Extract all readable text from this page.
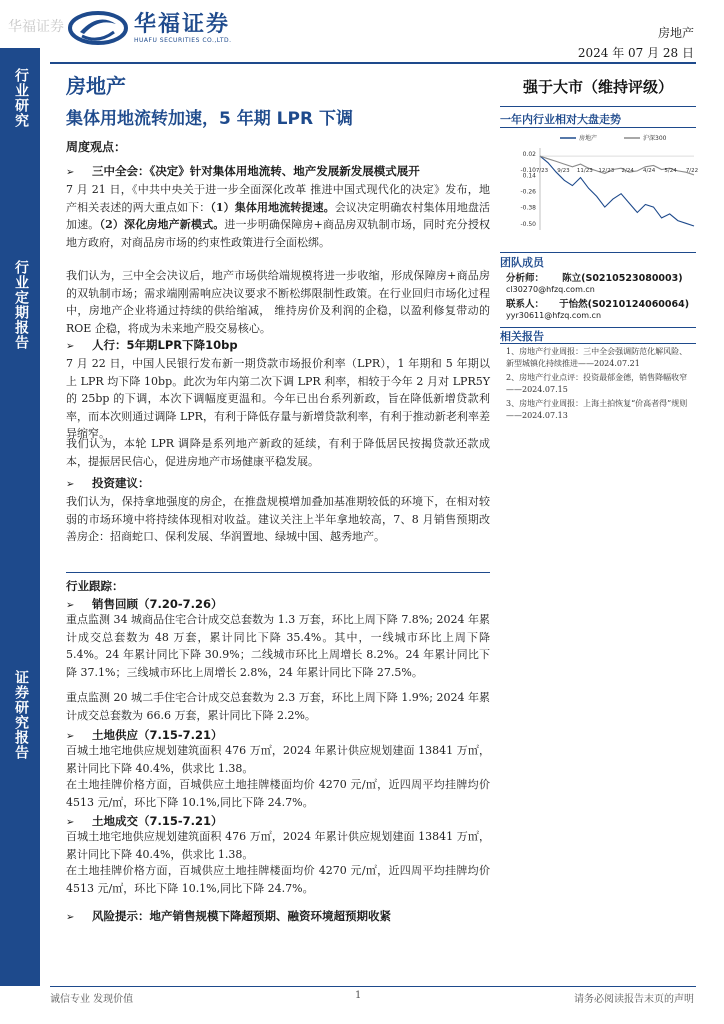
华福证券	华福证券
HUAFU SECURITIES CO.,LTD.	房地产
2024 年 07 月 28 日
行业研究
行业定期报告
证券研究报告
房地产
集体用地流转加速，5 年期 LPR 下调
周度观点：
➢ 三中全会：《决定》针对集体用地流转、地产发展新发展模式展开
7 月 21 日，《中共中央关于进一步全面深化改革 推进中国式现代化的决定》发布，地产相关表述的两大重点如下：（1）集体用地流转提速。会议决定明确农村集体用地盘活加速。（2）深化房地产新模式。进一步明确保障房+商品房双轨制市场，同时充分授权地方政府，对商品房市场的约束性政策进行全面松绑。
我们认为，三中全会决议后，地产市场供给端规模将进一步收缩，形成保障房+商品房的双轨制市场；需求端刚需响应决议要求不断松绑限制性政策。在行业回归市场化过程中，房地产企业将通过持续的供给缩减， 维持房价及利润的企稳，以盈利修复带动的 ROE 企稳，将成为未来地产股交易核心。
➢ 人行：5年期LPR下降10bp
7 月 22 日，中国人民银行发布新一期贷款市场报价利率（LPR），1 年期和 5 年期以上 LPR 均下降 10bp。此次为年内第二次下调 LPR 利率，相较于今年 2 月对 LPR5Y 的 25bp 的下调，本次下调幅度更温和。今年已出台系列新政，旨在降低新增贷款利率，而本次则通过调降 LPR，有利于降低存量与新增贷款利率，有利于推动新老利率差异缩窄。
我们认为，本轮 LPR 调降是系列地产新政的延续，有利于降低居民按揭贷款还款成本，提振居民信心，促进房地产市场健康平稳发展。
➢ 投资建议：
我们认为，保持拿地强度的房企，在推盘规模增加叠加基准期较低的环境下，在相对较弱的市场环境中将持续体现相对收益。建议关注上半年拿地较高，7、8 月销售预期改善房企：招商蛇口、保利发展、华润置地、绿城中国、越秀地产。
行业跟踪：
➢ 销售回顾（7.20-7.26）
重点监测 34 城商品住宅合计成交总套数为 1.3 万套，环比上周下降 7.8%; 2024 年累计成交总套数为 48 万套，累计同比下降 35.4%。其中，一线城市环比上周下降 5.4%。24 年累计同比下降 30.9%；二线城市环比上周增长 8.2%。24 年累计同比下降 37.1%；三线城市环比上周增长 2.8%，24 年累计同比下降 27.5%。
重点监测 20 城二手住宅合计成交总套数为 2.3 万套，环比上周下降 1.9%; 2024 年累计成交总套数为 66.6 万套，累计同比下降 2.2%。
➢ 土地供应（7.15-7.21）
百城土地宅地供应规划建筑面积 476 万㎡，2024 年累计供应规划建面 13841 万㎡，累计同比下降 40.4%，供求比 1.38。
在土地挂牌价格方面，百城供应土地挂牌楼面均价 4270 元/㎡，近四周平均挂牌均价 4513 元/㎡，环比下降 10.1%,同比下降 24.7%。
➢ 土地成交（7.15-7.21）
百城土地宅地供应规划建筑面积 476 万㎡，2024 年累计供应规划建面 13841 万㎡，累计同比下降 40.4%，供求比 1.38。
在土地挂牌价格方面，百城供应土地挂牌楼面均价 4270 元/㎡，近四周平均挂牌均价 4513 元/㎡，环比下降 10.1%,同比下降 24.7%。
➢ 风险提示：地产销售规模下降超预期、融资环境超预期收紧
强于大市（维持评级）
一年内行业相对大盘走势
房地产	沪深300
0.02
-0.10
0.14
-0.26
-0.38
-0.50
7/23 9/23 11/23 12/23 2/24 4/24 5/24 7/22
团队成员
分析师： 陈立(S0210523080003)
cl30270@hfzq.com.cn
联系人： 于怡然(S0210124060064)
yyr30611@hfzq.com.cn
相关报告
1、房地产行业周报：三中全会强调防范化解风险、新型城镇化持续推进——2024.07.21
2、房地产行业点评：投资最郁金德，销售降幅收窄——2024.07.15
3、房地产行业周报：上海土拍恢复“价高者得”规则——2024.07.13
诚信专业 发现价值	1	请务必阅读报告末页的声明
